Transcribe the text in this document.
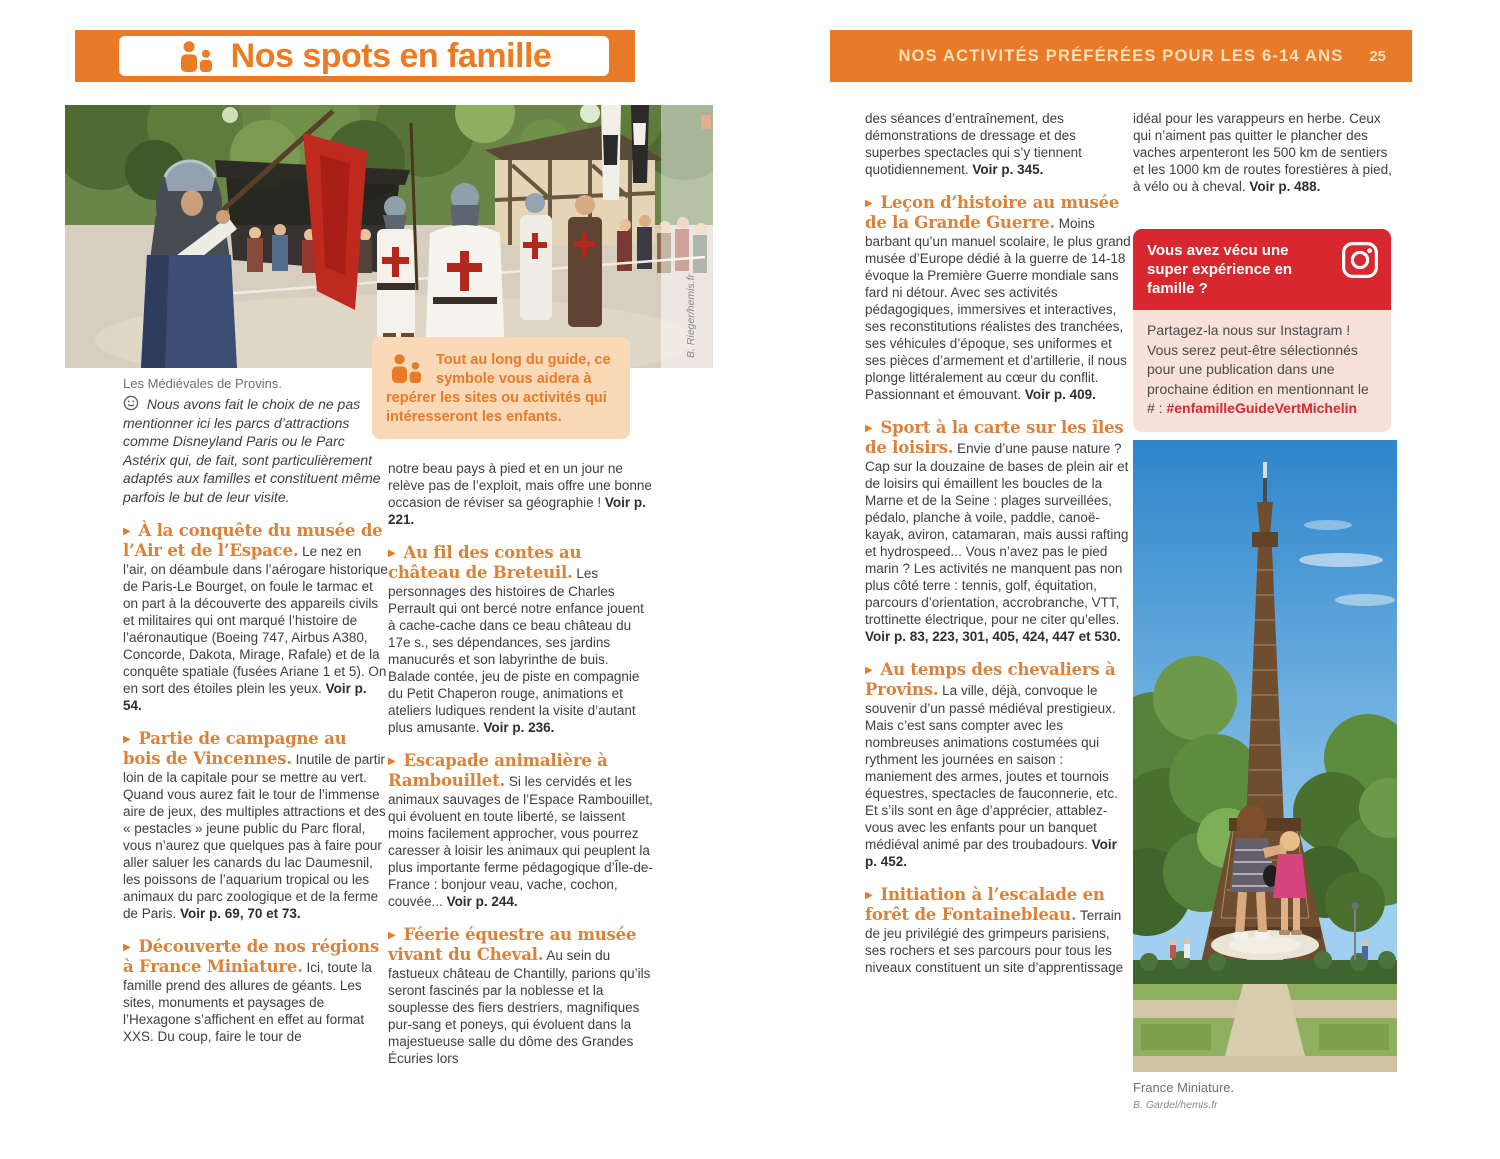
Nos spots en famille	NOS ACTIVITÉS PRÉFÉRÉES POUR LES 6-14 ANS 25
B. Rieger/hemis.fr
Les Médiévales de Provins.
Tout au long du guide, ce symbole vous aidera à repérer les sites ou activités qui intéresseront les enfants.

Nous avons fait le choix de ne pas mentionner ici les parcs d’attractions comme Disneyland Paris ou le Parc Astérix qui, de fait, sont particulièrement adaptés aux familles et constituent même parfois le but de leur visite.

▶ À la conquête du musée de l’Air et de l’Espace. Le nez en l’air, on déambule dans l’aérogare historique de Paris-Le Bourget, on foule le tarmac et on part à la découverte des appareils civils et militaires qui ont marqué l’histoire de l’aéronautique (Boeing 747, Airbus A380, Concorde, Dakota, Mirage, Rafale) et de la conquête spatiale (fusées Ariane 1 et 5). On en sort des étoiles plein les yeux. Voir p. 54.

▶ Partie de campagne au bois de Vincennes. Inutile de partir loin de la capitale pour se mettre au vert. Quand vous aurez fait le tour de l’immense aire de jeux, des multiples attractions et des « pestacles » jeune public du Parc floral, vous n’aurez que quelques pas à faire pour aller saluer les canards du lac Daumesnil, les poissons de l’aquarium tropical ou les animaux du parc zoologique et de la ferme de Paris. Voir p. 69, 70 et 73.

▶ Découverte de nos régions à France Miniature. Ici, toute la famille prend des allures de géants. Les sites, monuments et paysages de l’Hexagone s’affichent en effet au format XXS. Du coup, faire le tour de

notre beau pays à pied et en un jour ne relève pas de l’exploit, mais offre une bonne occasion de réviser sa géographie ! Voir p. 221.

▶ Au fil des contes au château de Breteuil. Les personnages des histoires de Charles Perrault qui ont bercé notre enfance jouent à cache-cache dans ce beau château du 17e s., ses dépendances, ses jardins manucurés et son labyrinthe de buis. Balade contée, jeu de piste en compagnie du Petit Chaperon rouge, animations et ateliers ludiques rendent la visite d’autant plus amusante. Voir p. 236.

▶ Escapade animalière à Rambouillet. Si les cervidés et les animaux sauvages de l’Espace Rambouillet, qui évoluent en toute liberté, se laissent moins facilement approcher, vous pourrez caresser à loisir les animaux qui peuplent la plus importante ferme pédagogique d’Île-de-France : bonjour veau, vache, cochon, couvée... Voir p. 244.

▶ Féerie équestre au musée vivant du Cheval. Au sein du fastueux château de Chantilly, parions qu’ils seront fascinés par la noblesse et la souplesse des fiers destriers, magnifiques pur-sang et poneys, qui évoluent dans la majestueuse salle du dôme des Grandes Écuries lors

des séances d’entraînement, des démonstrations de dressage et des superbes spectacles qui s’y tiennent quotidiennement. Voir p. 345.

▶ Leçon d’histoire au musée de la Grande Guerre. Moins barbant qu’un manuel scolaire, le plus grand musée d’Europe dédié à la guerre de 14-18 évoque la Première Guerre mondiale sans fard ni détour. Avec ses activités pédagogiques, immersives et interactives, ses reconstitutions réalistes des tranchées, ses véhicules d’époque, ses uniformes et ses pièces d’armement et d’artillerie, il nous plonge littéralement au cœur du conflit. Passionnant et émouvant. Voir p. 409.

▶ Sport à la carte sur les îles de loisirs. Envie d’une pause nature ? Cap sur la douzaine de bases de plein air et de loisirs qui émaillent les boucles de la Marne et de la Seine : plages surveillées, pédalo, planche à voile, paddle, canoë-kayak, aviron, catamaran, mais aussi rafting et hydrospeed... Vous n’avez pas le pied marin ? Les activités ne manquent pas non plus côté terre : tennis, golf, équitation, parcours d’orientation, accrobranche, VTT, trottinette électrique, pour ne citer qu’elles. Voir p. 83, 223, 301, 405, 424, 447 et 530.

▶ Au temps des chevaliers à Provins. La ville, déjà, convoque le souvenir d’un passé médiéval prestigieux. Mais c’est sans compter avec les nombreuses animations costumées qui rythment les journées en saison : maniement des armes, joutes et tournois équestres, spectacles de fauconnerie, etc. Et s’ils sont en âge d’apprécier, attablez-vous avec les enfants pour un banquet médiéval animé par des troubadours. Voir p. 452.

▶ Initiation à l’escalade en forêt de Fontainebleau. Terrain de jeu privilégié des grimpeurs parisiens, ses rochers et ses parcours pour tous les niveaux constituent un site d’apprentissage

idéal pour les varappeurs en herbe. Ceux qui n’aiment pas quitter le plancher des vaches arpenteront les 500 km de sentiers et les 1000 km de routes forestières à pied, à vélo ou à cheval. Voir p. 488.

Vous avez vécu une super expérience en famille ?
Partagez-la nous sur Instagram ! Vous serez peut-être sélectionnés pour une publication dans une prochaine édition en mentionnant le # : #enfamilleGuideVertMichelin
France Miniature.
B. Gardel/hemis.fr
